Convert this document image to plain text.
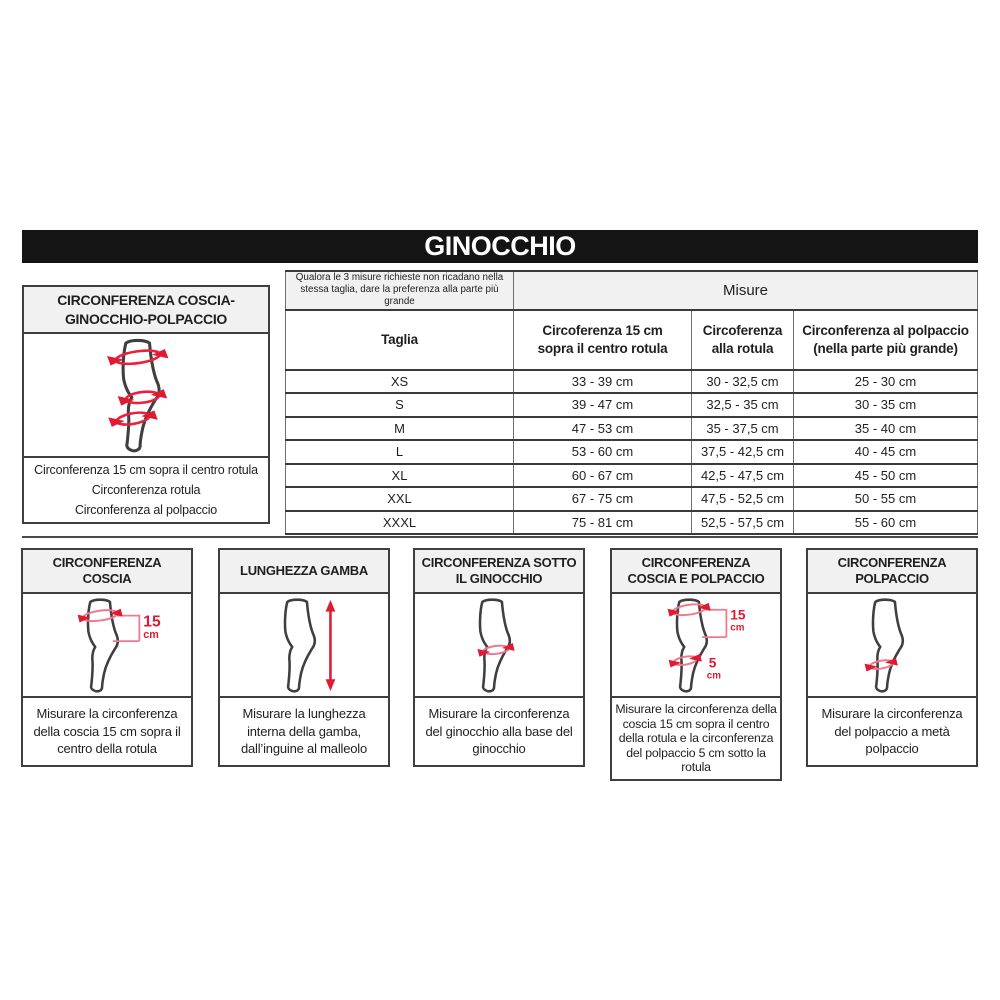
GINOCCHIO
CIRCONFERENZA COSCIA-GINOCCHIO-POLPACCIO
Circonferenza 15 cm sopra il centro rotula
Circonferenza rotula
Circonferenza al polpaccio
Qualora le 3 misure richieste non ricadano nella stessa taglia, dare la preferenza alla parte più grande	Misure		
Taglia	Circoferenza 15 cm sopra il centro rotula	Circoferenza alla rotula	Circonferenza al polpaccio (nella parte più grande)
XS	33 - 39 cm	30 - 32,5 cm	25 - 30 cm
S	39 - 47 cm	32,5 - 35 cm	30 - 35 cm
M	47 - 53 cm	35 - 37,5 cm	35 - 40 cm
L	53 - 60 cm	37,5 - 42,5 cm	40 - 45 cm
XL	60 - 67 cm	42,5 - 47,5 cm	45 - 50 cm
XXL	67 - 75 cm	47,5 - 52,5 cm	50 - 55 cm
XXXL	75 - 81 cm	52,5 - 57,5 cm	55 - 60 cm
CIRCONFERENZA COSCIA
15
cm
Misurare la circonferenza della coscia 15 cm sopra il centro della rotula
LUNGHEZZA GAMBA
Misurare la lunghezza interna della gamba, dall’inguine al malleolo
CIRCONFERENZA SOTTO IL GINOCCHIO
Misurare la circonferenza del ginocchio alla base del ginocchio
CIRCONFERENZA COSCIA E POLPACCIO
15
cm
5
cm
Misurare la circonferenza della coscia 15 cm sopra il centro della rotula e la circonferenza del polpaccio 5 cm sotto la rotula
CIRCONFERENZA POLPACCIO
Misurare la circonferenza del polpaccio a metà polpaccio
